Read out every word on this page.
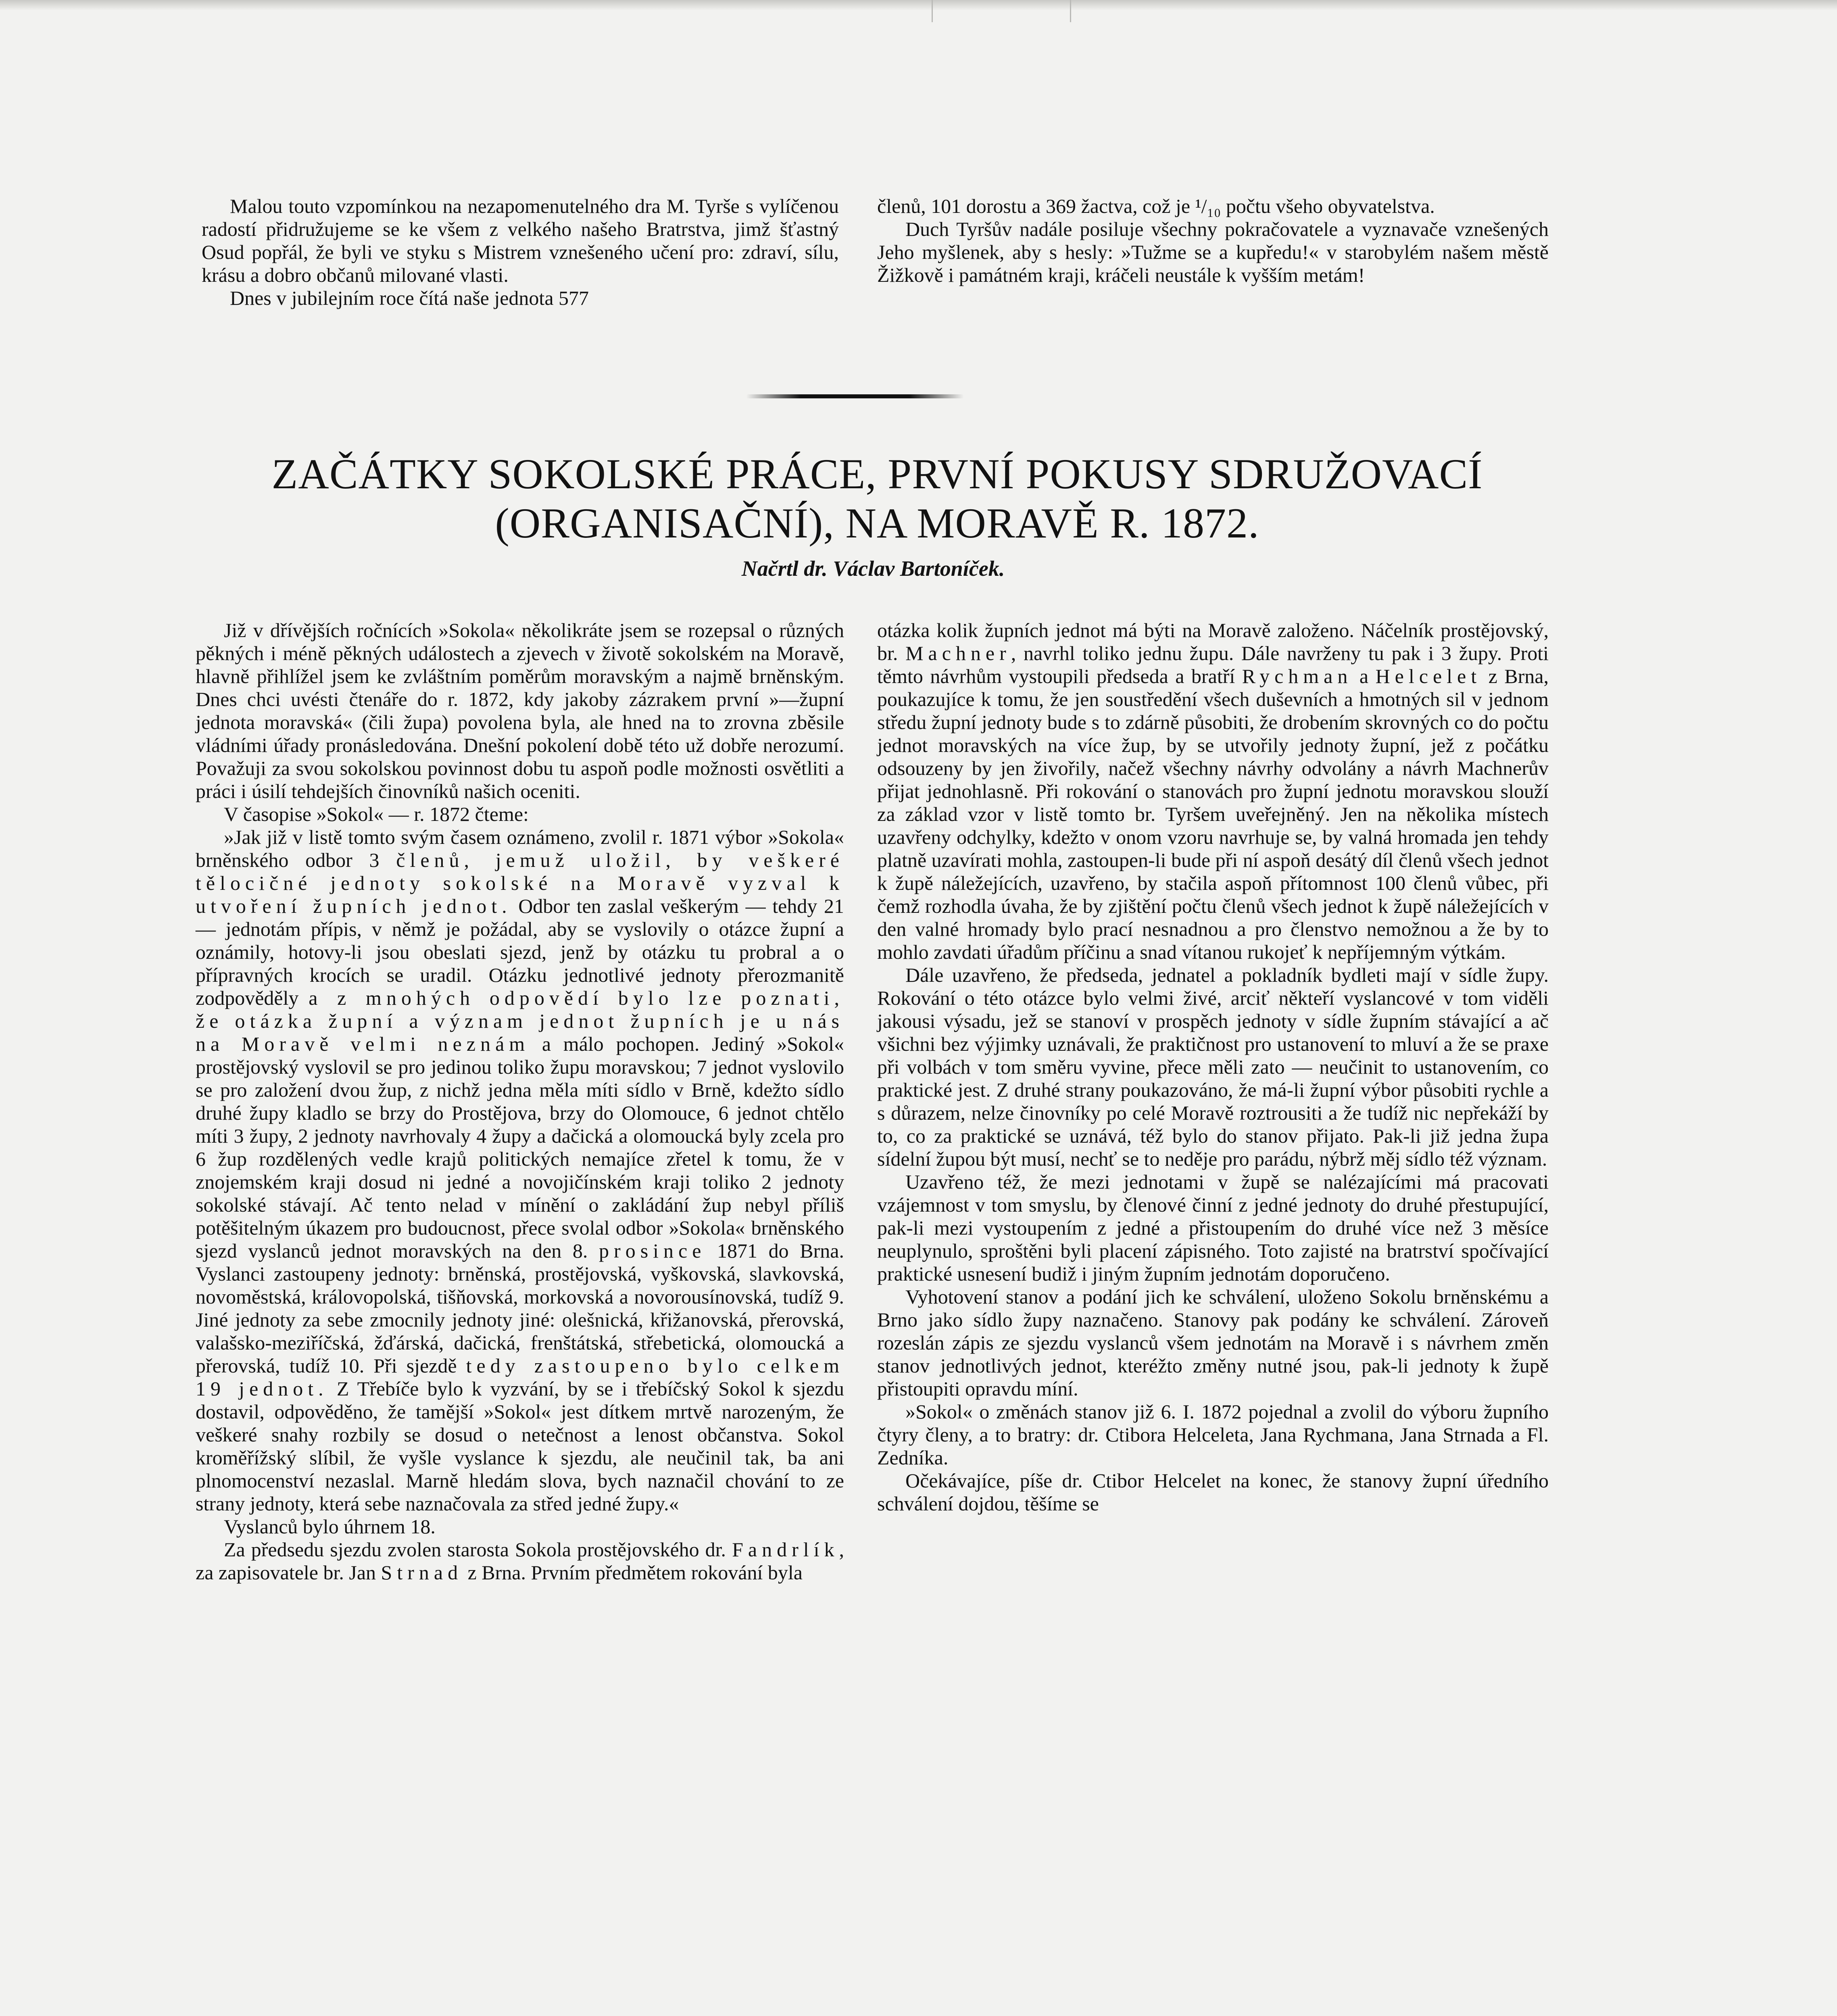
Malou touto vzpomínkou na nezapomenutelného dra M. Tyrše s vylíčenou radostí přidružujeme se ke všem z velkého našeho Bratrstva, jimž šťastný Osud popřál, že byli ve styku s Mistrem vznešeného učení pro: zdraví, sílu, krásu a dobro občanů milované vlasti.

Dnes v jubilejním roce čítá naše jednota 577

členů, 101 dorostu a 369 žactva, což je ¹/₁₀ počtu všeho obyvatelstva.

Duch Tyršův nadále posiluje všechny pokračovatele a vyznavače vznešených Jeho myšlenek, aby s hesly: »Tužme se a kupředu!« v starobylém našem městě Žižkově i památném kraji, kráčeli neustále k vyšším metám!

ZAČÁTKY SOKOLSKÉ PRÁCE, PRVNÍ POKUSY SDRUŽOVACÍ
(ORGANISAČNÍ), NA MORAVĚ R. 1872.
Načrtl dr. Václav Bartoníček.

Již v dřívějších ročnících »Sokola« několikráte jsem se rozepsal o různých pěkných i méně pěkných událostech a zjevech v životě sokolském na Moravě, hlavně přihlížel jsem ke zvláštním poměrům moravským a najmě brněnským. Dnes chci uvésti čtenáře do r. 1872, kdy jakoby zázrakem první »—župní jednota moravská« (čili župa) povolena byla, ale hned na to zrovna zběsile vládními úřady pronásledována. Dnešní pokolení době této už dobře nerozumí. Považuji za svou sokolskou povinnost dobu tu aspoň podle možnosti osvětliti a práci i úsilí tehdejších činovníků našich oceniti.

V časopise »Sokol« — r. 1872 čteme:

»Jak již v listě tomto svým časem oznámeno, zvolil r. 1871 výbor »Sokola« brněnského odbor 3 členů, jemuž uložil, by veškeré tělocičné jednoty sokolské na Moravě vyzval k utvoření župních jednot. Odbor ten zaslal veškerým — tehdy 21 — jednotám přípis, v němž je požádal, aby se vyslovily o otázce župní a oznámily, hotovy-li jsou obeslati sjezd, jenž by otázku tu probral a o přípravných krocích se uradil. Otázku jednotlivé jednoty přerozmanitě zodpověděly a z mnohých odpovědí bylo lze poznati, že otázka župní a význam jednot župních je u nás na Moravě velmi neznám a málo pochopen. Jediný »Sokol« prostějovský vyslovil se pro jedinou toliko župu moravskou; 7 jednot vyslovilo se pro založení dvou žup, z nichž jedna měla míti sídlo v Brně, kdežto sídlo druhé župy kladlo se brzy do Prostějova, brzy do Olomouce, 6 jednot chtělo míti 3 župy, 2 jednoty navrhovaly 4 župy a dačická a olomoucká byly zcela pro 6 žup rozdělených vedle krajů politických nemajíce zřetel k tomu, že v znojemském kraji dosud ni jedné a novojičínském kraji toliko 2 jednoty sokolské stávají. Ač tento nelad v mínění o zakládání žup nebyl příliš potěšitelným úkazem pro budoucnost, přece svolal odbor »Sokola« brněnského sjezd vyslanců jednot moravských na den 8. prosince 1871 do Brna. Vyslanci zastoupeny jednoty: brněnská, prostějovská, vyškovská, slavkovská, novoměstská, královopolská, tišňovská, morkovská a novorousínovská, tudíž 9. Jiné jednoty za sebe zmocnily jednoty jiné: olešnická, křižanovská, přerovská, valašsko-meziříčská, žďárská, dačická, frenštátská, střebetická, olomoucká a přerovská, tudíž 10. Při sjezdě tedy zastoupeno bylo celkem 19 jednot. Z Třebíče bylo k vyzvání, by se i třebíčský Sokol k sjezdu dostavil, odpověděno, že tamější »Sokol« jest dítkem mrtvě narozeným, že veškeré snahy rozbily se dosud o netečnost a lenost občanstva. Sokol kroměřížský slíbil, že vyšle vyslance k sjezdu, ale neučinil tak, ba ani plnomocenství nezaslal. Marně hledám slova, bych naznačil chování to ze strany jednoty, která sebe naznačovala za střed jedné župy.«

Vyslanců bylo úhrnem 18.

Za předsedu sjezdu zvolen starosta Sokola prostějovského dr. Fandrlík, za zapisovatele br. Jan Strnad z Brna. Prvním předmětem rokování byla

otázka kolik župních jednot má býti na Moravě založeno. Náčelník prostějovský, br. Machner, navrhl toliko jednu župu. Dále navrženy tu pak i 3 župy. Proti těmto návrhům vystoupili předseda a bratří Rychman a Helcelet z Brna, poukazujíce k tomu, že jen soustředění všech duševních a hmotných sil v jednom středu župní jednoty bude s to zdárně působiti, že drobením skrovných co do počtu jednot moravských na více žup, by se utvořily jednoty župní, jež z počátku odsouzeny by jen živořily, načež všechny návrhy odvolány a návrh Machnerův přijat jednohlasně. Při rokování o stanovách pro župní jednotu moravskou slouží za základ vzor v listě tomto br. Tyršem uveřejněný. Jen na několika místech uzavřeny odchylky, kdežto v onom vzoru navrhuje se, by valná hromada jen tehdy platně uzavírati mohla, zastoupen-li bude při ní aspoň desátý díl členů všech jednot k župě náležejících, uzavřeno, by stačila aspoň přítomnost 100 členů vůbec, při čemž rozhodla úvaha, že by zjištění počtu členů všech jednot k župě náležejících v den valné hromady bylo prací nesnadnou a pro členstvo nemožnou a že by to mohlo zavdati úřadům příčinu a snad vítanou rukojeť k nepříjemným výtkám.

Dále uzavřeno, že předseda, jednatel a pokladník bydleti mají v sídle župy. Rokování o této otázce bylo velmi živé, arciť někteří vyslancové v tom viděli jakousi výsadu, jež se stanoví v prospěch jednoty v sídle župním stávající a ač všichni bez výjimky uznávali, že praktičnost pro ustanovení to mluví a že se praxe při volbách v tom směru vyvine, přece měli zato — neučinit to ustanovením, co praktické jest. Z druhé strany poukazováno, že má-li župní výbor působiti rychle a s důrazem, nelze činovníky po celé Moravě roztrousiti a že tudíž nic nepřekáží by to, co za praktické se uznává, též bylo do stanov přijato. Pak-li již jedna župa sídelní župou být musí, nechť se to neděje pro parádu, nýbrž měj sídlo též význam.

Uzavřeno též, že mezi jednotami v župě se nalézajícími má pracovati vzájemnost v tom smyslu, by členové činní z jedné jednoty do druhé přestupující, pak-li mezi vystoupením z jedné a přistoupením do druhé více než 3 měsíce neuplynulo, sproštěni byli placení zápisného. Toto zajisté na bratrství spočívající praktické usnesení budiž i jiným župním jednotám doporučeno.

Vyhotovení stanov a podání jich ke schválení, uloženo Sokolu brněnskému a Brno jako sídlo župy naznačeno. Stanovy pak podány ke schválení. Zároveň rozeslán zápis ze sjezdu vyslanců všem jednotám na Moravě i s návrhem změn stanov jednotlivých jednot, kteréžto změny nutné jsou, pak-li jednoty k župě přistoupiti opravdu míní.

»Sokol« o změnách stanov již 6. I. 1872 pojednal a zvolil do výboru župního čtyry členy, a to bratry: dr. Ctibora Helceleta, Jana Rychmana, Jana Strnada a Fl. Zedníka.

Očekávajíce, píše dr. Ctibor Helcelet na konec, že stanovy župní úředního schválení dojdou, těšíme se
